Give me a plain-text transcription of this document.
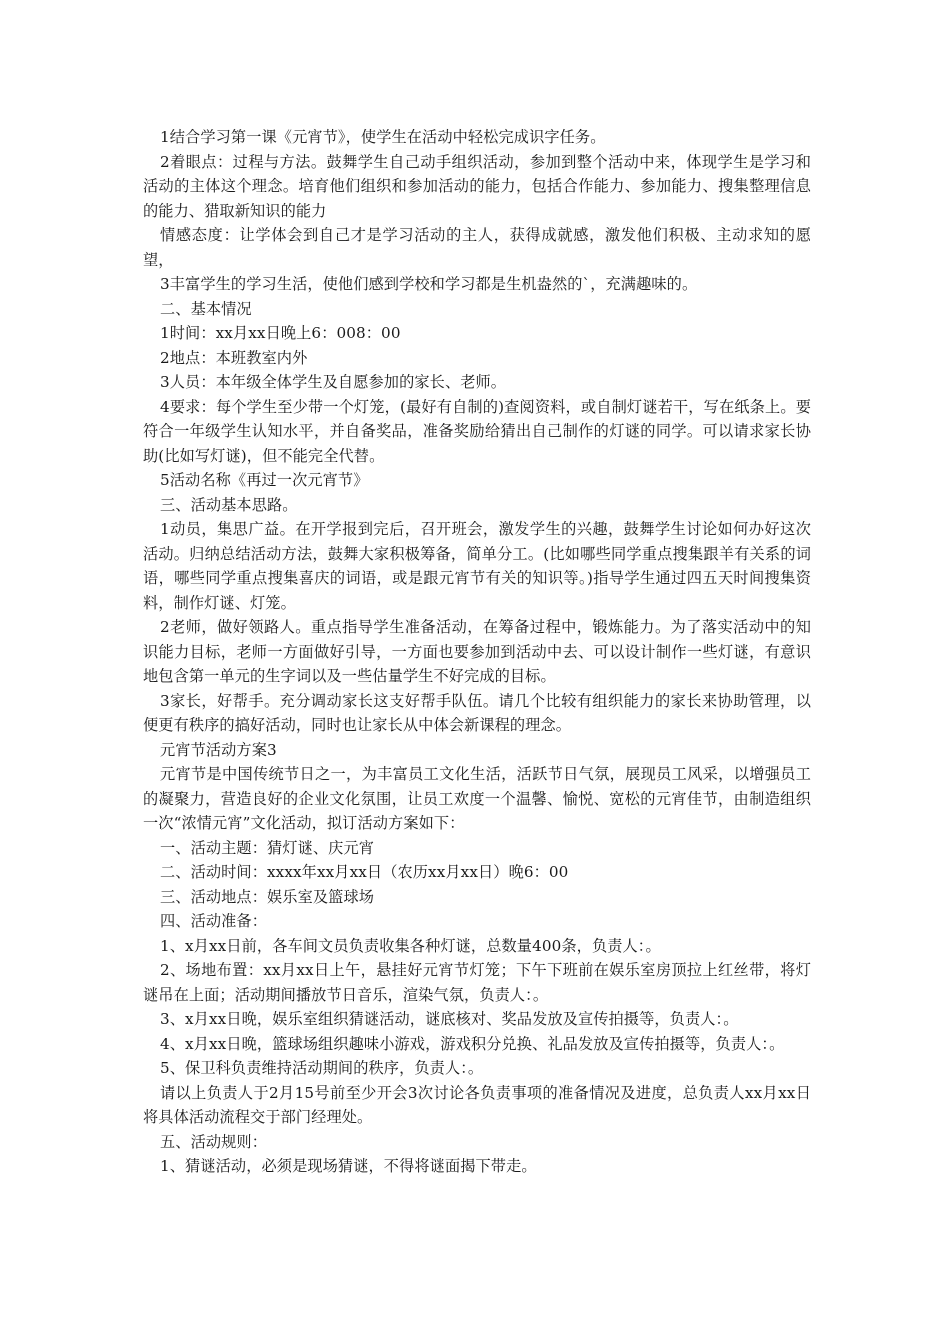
1结合学习第一课《元宵节》，使学生在活动中轻松完成识字任务。

2着眼点：过程与方法。鼓舞学生自己动手组织活动，参加到整个活动中来，体现学生是学习和活动的主体这个理念。培育他们组织和参加活动的能力，包括合作能力、参加能力、搜集整理信息的能力、猎取新知识的能力

情感态度：让学体会到自己才是学习活动的主人，获得成就感，激发他们积极、主动求知的愿望，

3丰富学生的学习生活，使他们感到学校和学习都是生机盎然的`，充满趣味的。

二、基本情况

1时间：xx月xx日晚上6：008：00

2地点：本班教室内外

3人员：本年级全体学生及自愿参加的家长、老师。

4要求：每个学生至少带一个灯笼，(最好有自制的)查阅资料，或自制灯谜若干，写在纸条上。要符合一年级学生认知水平，并自备奖品，准备奖励给猜出自己制作的灯谜的同学。可以请求家长协助(比如写灯谜)，但不能完全代替。

5活动名称《再过一次元宵节》

三、活动基本思路。

1动员，集思广益。在开学报到完后，召开班会，激发学生的兴趣，鼓舞学生讨论如何办好这次活动。归纳总结活动方法，鼓舞大家积极筹备，简单分工。(比如哪些同学重点搜集跟羊有关系的词语，哪些同学重点搜集喜庆的词语，或是跟元宵节有关的知识等。)指导学生通过四五天时间搜集资料，制作灯谜、灯笼。

2老师，做好领路人。重点指导学生准备活动，在筹备过程中，锻炼能力。为了落实活动中的知识能力目标，老师一方面做好引导，一方面也要参加到活动中去、可以设计制作一些灯谜，有意识地包含第一单元的生字词以及一些估量学生不好完成的目标。

3家长，好帮手。充分调动家长这支好帮手队伍。请几个比较有组织能力的家长来协助管理，以便更有秩序的搞好活动，同时也让家长从中体会新课程的理念。

元宵节活动方案3

元宵节是中国传统节日之一，为丰富员工文化生活，活跃节日气氛，展现员工风采，以增强员工的凝聚力，营造良好的企业文化氛围，让员工欢度一个温馨、愉悦、宽松的元宵佳节，由制造组织一次“浓情元宵”文化活动，拟订活动方案如下：

一、活动主题：猜灯谜、庆元宵

二、活动时间：xxxx年xx月xx日（农历xx月xx日）晚6：00

三、活动地点：娱乐室及篮球场

四、活动准备：

1、x月xx日前，各车间文员负责收集各种灯谜，总数量400条，负责人：。

2、场地布置：xx月xx日上午，悬挂好元宵节灯笼；下午下班前在娱乐室房顶拉上红丝带，将灯谜吊在上面；活动期间播放节日音乐，渲染气氛，负责人：。

3、x月xx日晚，娱乐室组织猜谜活动，谜底核对、奖品发放及宣传拍摄等，负责人：。

4、x月xx日晚，篮球场组织趣味小游戏，游戏积分兑换、礼品发放及宣传拍摄等，负责人：。

5、保卫科负责维持活动期间的秩序，负责人：。

请以上负责人于2月15号前至少开会3次讨论各负责事项的准备情况及进度，总负责人xx月xx日将具体活动流程交于部门经理处。

五、活动规则：

1、猜谜活动，必须是现场猜谜，不得将谜面揭下带走。
